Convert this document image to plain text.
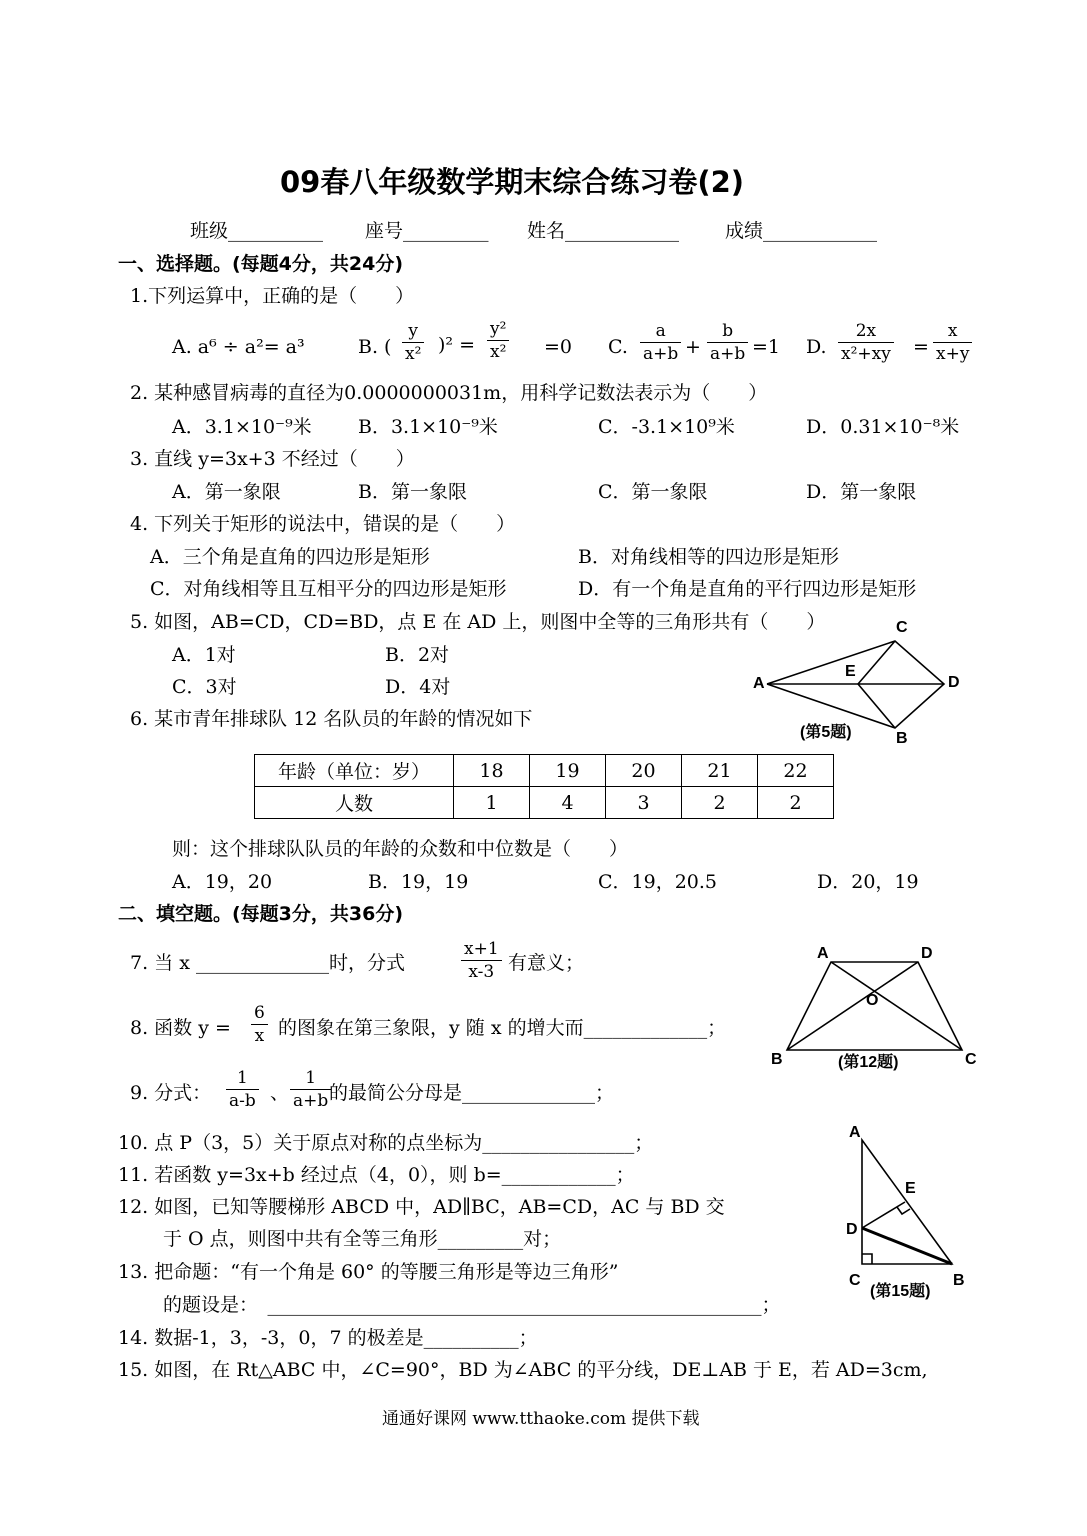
09春八年级数学期末综合练习卷(2)
班级__________ 座号_________ 姓名____________ 成绩____________
一、选择题。(每题4分，共24分)
1.下列运算中，正确的是（　　）
A. a⁶ ÷ a²= a³	B. ( $\frac{y}{\text{x²}} )^2 = \frac{\text{y²}}{\text{x²}} =0$ C. $\frac{a}{a+b} + \frac{b}{a+b} =1$ D. $\frac{2x}{\text{x²+xy}} = \frac{x}{x+y}$
2. 某种感冒病毒的直径为0.0000000031m，用科学记数法表示为（　　）
A．3.1×10⁻⁹米 B．3.1×10⁻⁹米	C．-3.1×10⁹米	D．0.31×10⁻⁸米
3. 直线 y=3x+3 不经过（　　）
A．第一象限	B．第一象限	C．第一象限	D．第一象限
4. 下列关于矩形的说法中，错误的是（　　）
A．三个角是直角的四边形是矩形	B．对角线相等的四边形是矩形
C．对角线相等且互相平分的四边形是矩形	D．有一个角是直角的平行四边形是矩形
5. 如图，AB=CD，CD=BD，点 E 在 AD 上，则图中全等的三角形共有（　　）
A．1对	B．2对
C．3对	D．4对	A
C
D
E
B
(第5题)
6. 某市青年排球队 12 名队员的年龄的情况如下
年龄（单位：岁）	18	19	20	21	22
人数	1	4	3	2	2
则：这个排球队队员的年龄的众数和中位数是（　　）
A．19，20	B．19，19	C．19，20.5	D．20，19
二、填空题。(每题3分，共36分)
7. 当 x ______________时，分式	$\frac{x+1}{x-3}$ 有意义；	A	D
O
B	C
(第12题)
8. 函数 $y = \frac{6}{x}$ 的图象在第三象限，y 随 x 的增大而_____________；
9. 分式： $\frac{1}{a-b}$ 、 $\frac{1}{a+b}$
的最简公分母是______________；
10. 点 P（3，5）关于原点对称的点坐标为________________；
11. 若函数 y=3x+b 经过点（4，0），则 b=____________；
12. 如图，已知等腰梯形 ABCD 中，AD∥BC，AB=CD，AC 与 BD 交
于 O 点，则图中共有全等三角形_________对；
13. 把命题：“有一个角是 60° 的等腰三角形是等边三角形”
的题设是：　____________________________________________________；
14. 数据-1，3，-3，0，7 的极差是__________；
15. 如图，在 Rt△ABC 中，∠C=90°，BD 为∠ABC 的平分线，DE⊥AB 于 E，若 AD=3cm,
A
E
D
C	B
(第15题)
通通好课网 www.tthaoke.com 提供下载
